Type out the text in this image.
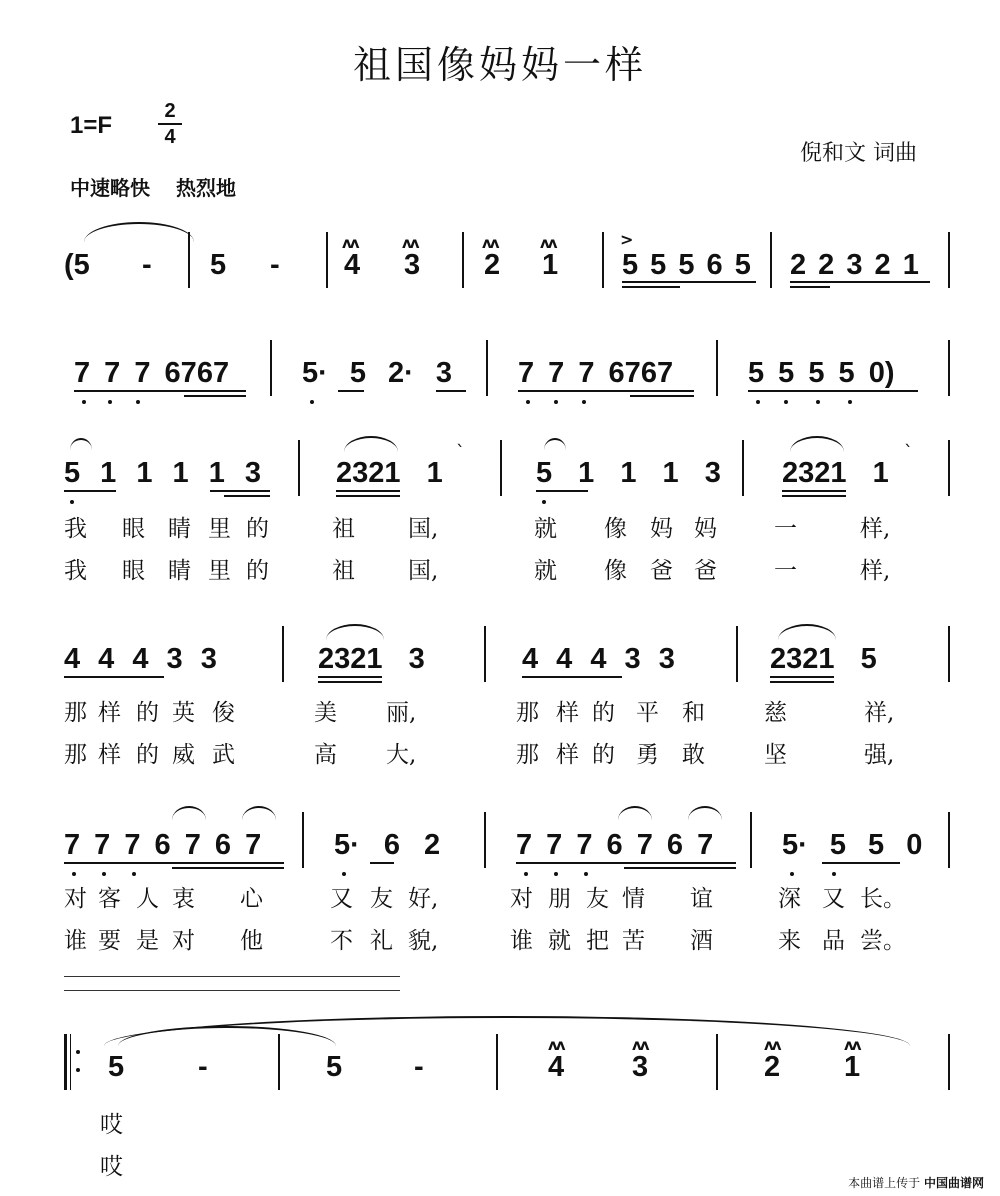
祖国像妈妈一样
1=F
2
4
倪和文 词曲
中速略快 热烈地
ʌʌ	ʌʌ	ʌʌ	ʌʌ	>
(5 - 5 - 4 3 2 1 5 5 5 6 5 2 2 3 2 1
7 7 7 6767	5· 5 2· 3 7 7 7 6767	5 5 5 5 0)
5 1 1 1 1 3	2321 1	5 1 1 1 3 2321 1
ˋ	ˋ
我 眼 睛 里 的	祖 国,	就 像 妈 妈 一	样,
我 眼 睛 里 的	祖 国,	就 像 爸 爸 一	样,
4 4 4 3 3	2321 3	4 4 4 3 3	2321 5
那 样 的 英 俊	美 丽,	那 样 的 平 和	慈	祥,
那 样 的 威 武	高 大,	那 样 的 勇 敢	坚	强,
7 7 7 6 7 6 7	5· 6 2	7 7 7 6 7 6 7 5· 5 5 0
对 客 人 衷 心	又 友 好,	对 朋 友 情 谊	深 又 长。
谁 要 是 对 他	不 礼 貌,	谁 就 把 苦 酒	来 品 尝。
ʌʌ	ʌʌ	ʌʌ	ʌʌ
5	-	5 -	4 3	2 1
哎
哎
本曲谱上传于 中国曲谱网
